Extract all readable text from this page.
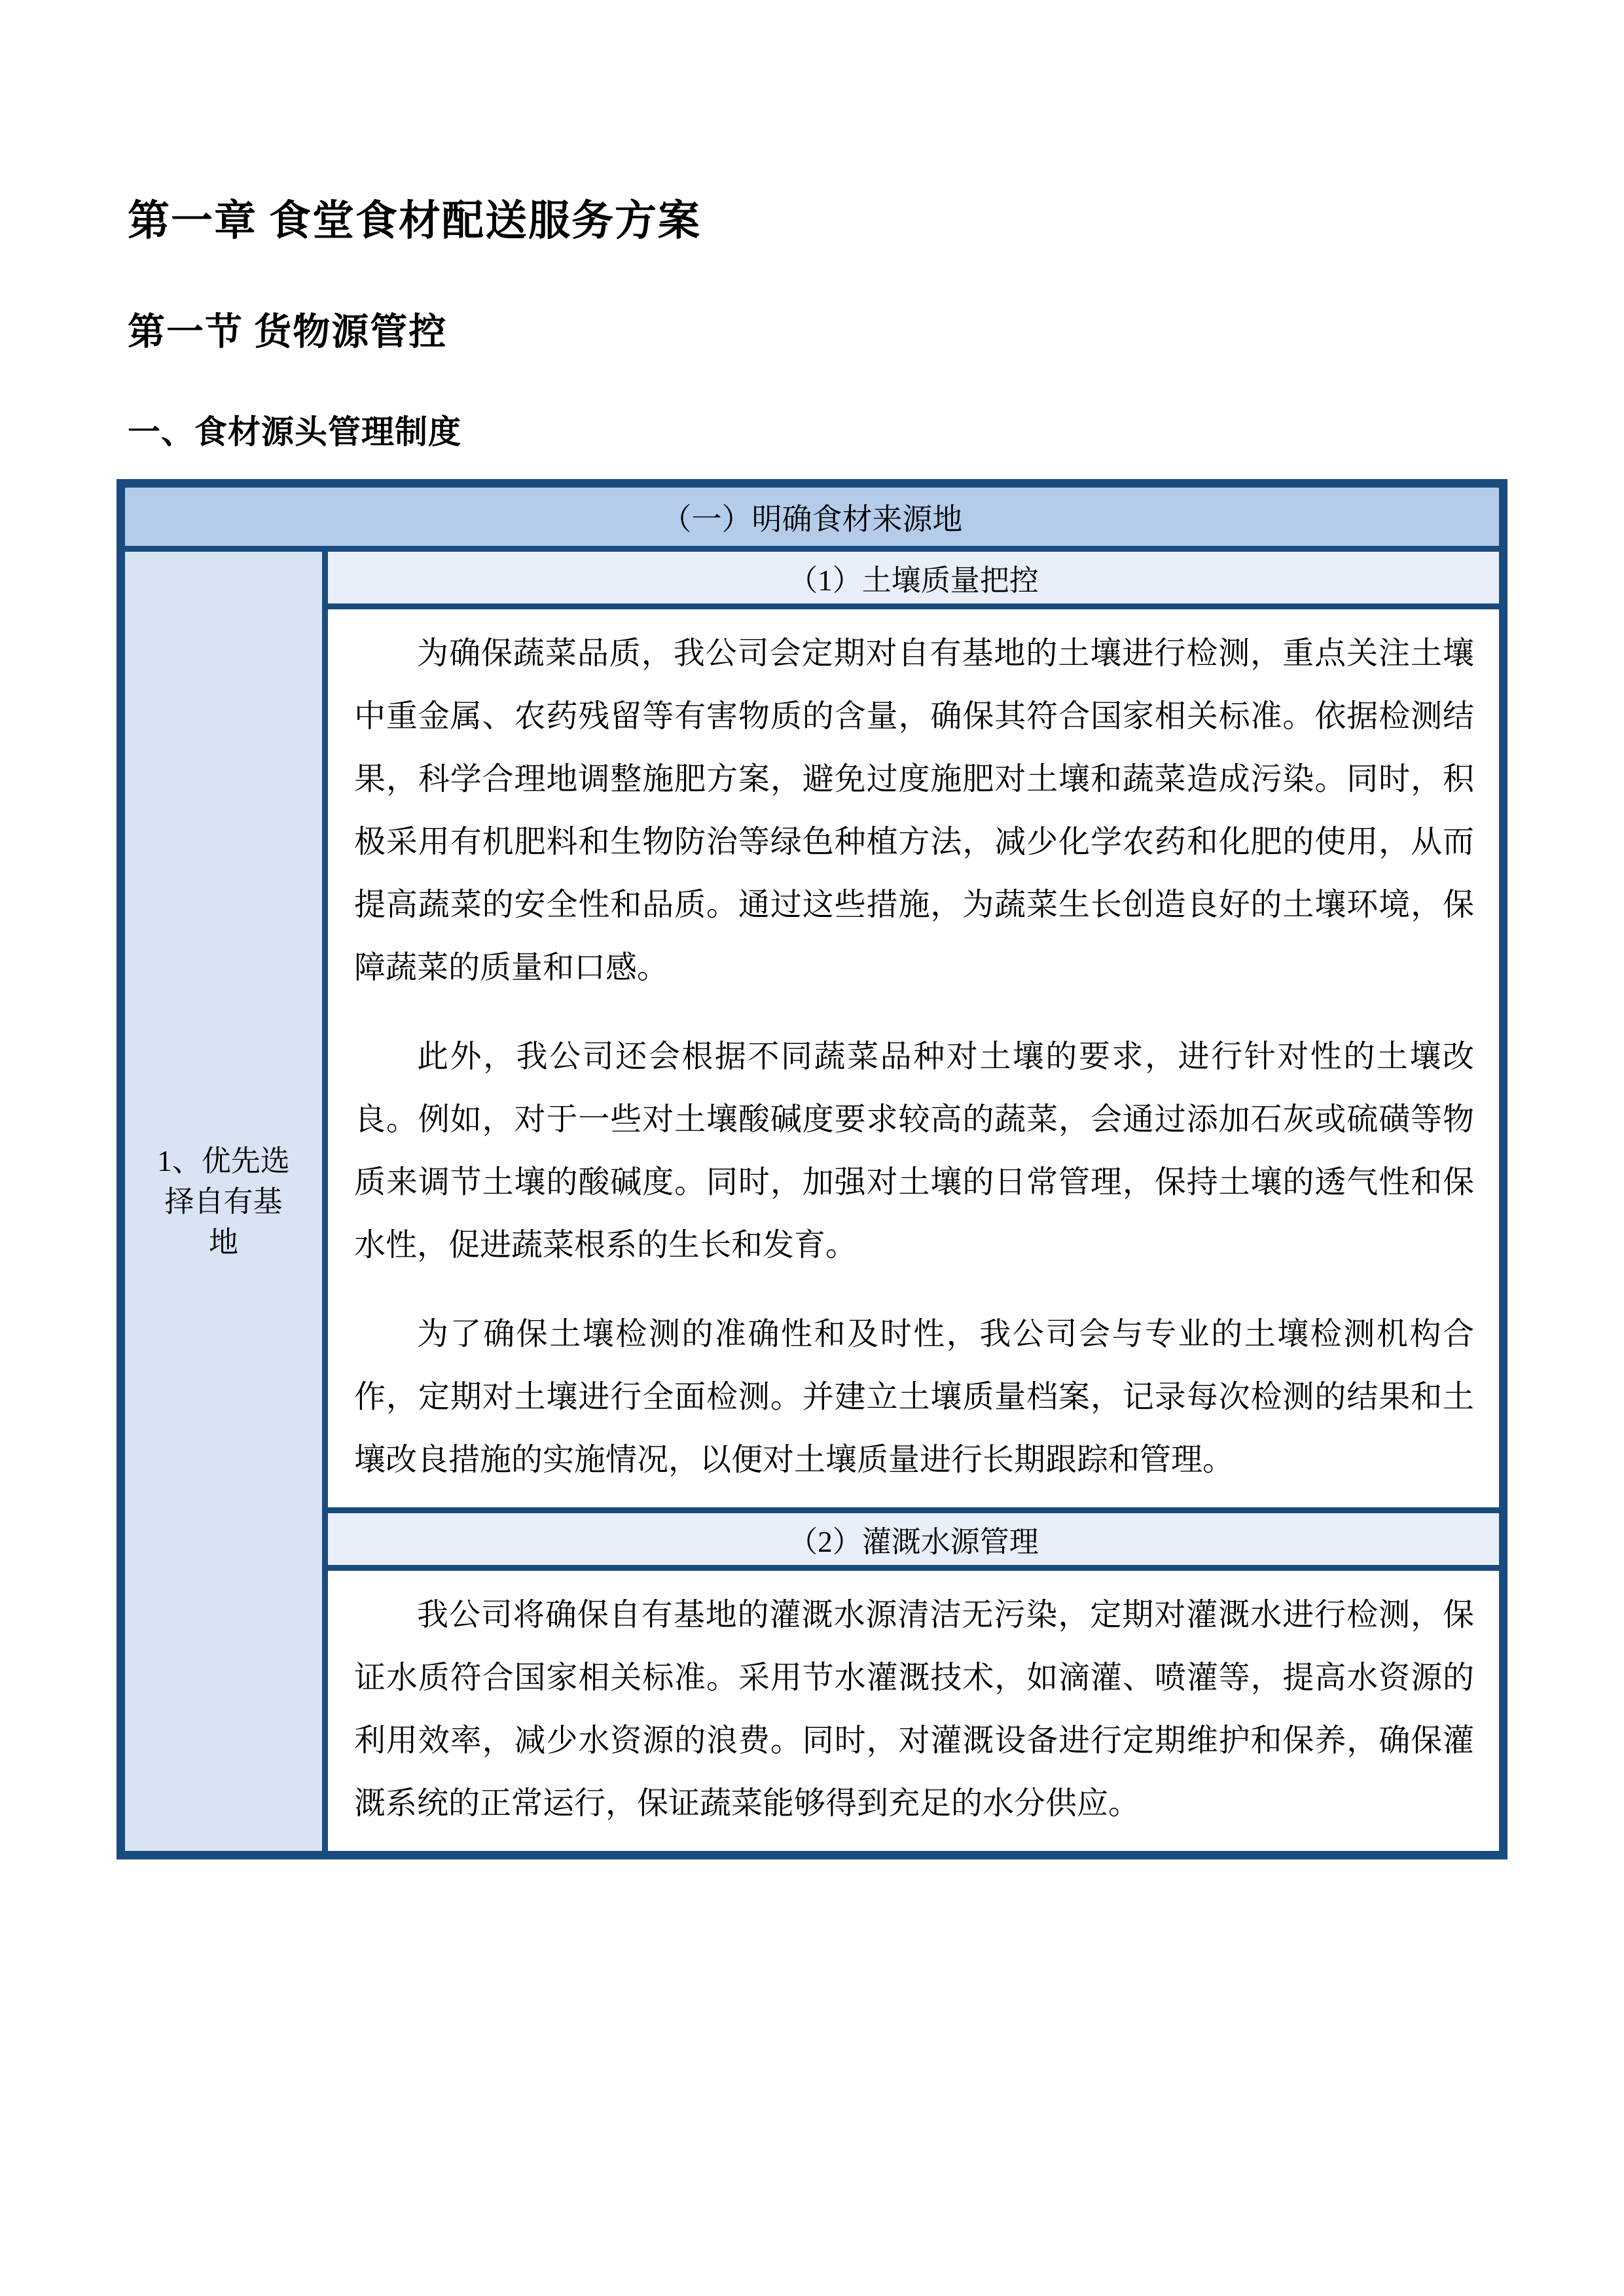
第一章 食堂食材配送服务方案
第一节 货物源管控
一、食材源头管理制度
（一）明确食材来源地

1、优先选
择自有基
地
	（1）土壤质量把控

为确保蔬菜品质，我公司会定期对自有基地的土壤进行检测，重点关注土壤中重金属、农药残留等有害物质的含量，确保其符合国家相关标准。依据检测结果，科学合理地调整施肥方案，避免过度施肥对土壤和蔬菜造成污染。同时，积极采用有机肥料和生物防治等绿色种植方法，减少化学农药和化肥的使用，从而提高蔬菜的安全性和品质。通过这些措施，为蔬菜生长创造良好的土壤环境，保障蔬菜的质量和口感。

此外，我公司还会根据不同蔬菜品种对土壤的要求，进行针对性的土壤改良。例如，对于一些对土壤酸碱度要求较高的蔬菜，会通过添加石灰或硫磺等物质来调节土壤的酸碱度。同时，加强对土壤的日常管理，保持土壤的透气性和保水性，促进蔬菜根系的生长和发育。

为了确保土壤检测的准确性和及时性，我公司会与专业的土壤检测机构合作，定期对土壤进行全面检测。并建立土壤质量档案，记录每次检测的结果和土壤改良措施的实施情况，以便对土壤质量进行长期跟踪和管理。

（2）灌溉水源管理

我公司将确保自有基地的灌溉水源清洁无污染，定期对灌溉水进行检测，保证水质符合国家相关标准。采用节水灌溉技术，如滴灌、喷灌等，提高水资源的利用效率，减少水资源的浪费。同时，对灌溉设备进行定期维护和保养，确保灌溉系统的正常运行，保证蔬菜能够得到充足的水分供应。
